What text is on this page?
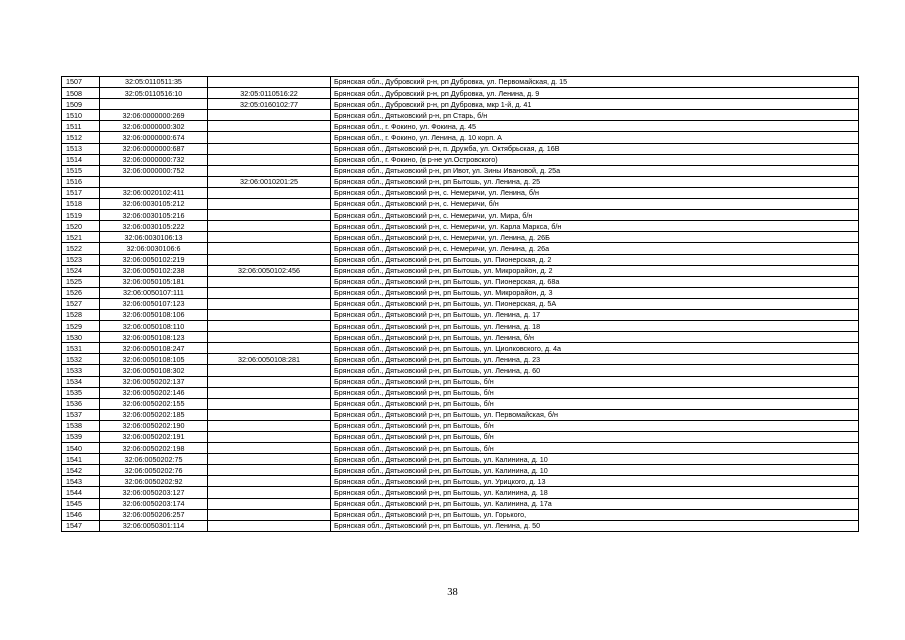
1507	32:05:0110511:35		Брянская обл., Дубровский р-н, рп Дубровка, ул. Первомайская, д. 15
1508	32:05:0110516:10	32:05:0110516:22	Брянская обл., Дубровский р-н, рп Дубровка, ул. Ленина, д. 9
1509		32:05:0160102:77	Брянская обл., Дубровский р-н, рп Дубровка, мкр 1-й, д. 41
1510	32:06:0000000:269		Брянская обл., Дятьковский р-н, рп Старь, б/н
1511	32:06:0000000:302		Брянская обл., г. Фокино, ул. Фокина, д. 45
1512	32:06:0000000:674		Брянская обл., г. Фокино, ул. Ленина, д. 10 корп. А
1513	32:06:0000000:687		Брянская обл., Дятьковский р-н, п. Дружба, ул. Октябрьская, д. 16В
1514	32:06:0000000:732		Брянская обл., г. Фокино, (в р-не ул.Островского)
1515	32:06:0000000:752		Брянская обл., Дятьковский р-н, рп Ивот, ул. Зины Ивановой, д. 25а
1516		32:06:0010201:25	Брянская обл., Дятьковский р-н, рп Бытошь, ул. Ленина, д. 25
1517	32:06:0020102:411		Брянская обл., Дятьковский р-н, с. Немеричи, ул. Ленина, б/н
1518	32:06:0030105:212		Брянская обл., Дятьковский р-н, с. Немеричи, б/н
1519	32:06:0030105:216		Брянская обл., Дятьковский р-н, с. Немеричи, ул. Мира, б/н
1520	32:06:0030105:222		Брянская обл., Дятьковский р-н, с. Немеричи, ул. Карла Маркса, б/н
1521	32:06:0030106:13		Брянская обл., Дятьковский р-н, с. Немеричи, ул. Ленина, д. 26Б
1522	32:06:0030106:6		Брянская обл., Дятьковский р-н, с. Немеричи, ул. Ленина, д. 26а
1523	32:06:0050102:219		Брянская обл., Дятьковский р-н, рп Бытошь, ул. Пионерская, д. 2
1524	32:06:0050102:238	32:06:0050102:456	Брянская обл., Дятьковский р-н, рп Бытошь, ул. Микрорайон, д. 2
1525	32:06:0050105:181		Брянская обл., Дятьковский р-н, рп Бытошь, ул. Пионерская, д. 68а
1526	32:06:0050107:111		Брянская обл., Дятьковский р-н, рп Бытошь, ул. Микрорайон, д. 3
1527	32:06:0050107:123		Брянская обл., Дятьковский р-н, рп Бытошь, ул. Пионерская, д. 5А
1528	32:06:0050108:106		Брянская обл., Дятьковский р-н, рп Бытошь, ул. Ленина, д. 17
1529	32:06:0050108:110		Брянская обл., Дятьковский р-н, рп Бытошь, ул. Ленина, д. 18
1530	32:06:0050108:123		Брянская обл., Дятьковский р-н, рп Бытошь, ул. Ленина, б/н
1531	32:06:0050108:247		Брянская обл., Дятьковский р-н, рп Бытошь, ул. Циолковского, д. 4а
1532	32:06:0050108:105	32:06:0050108:281	Брянская обл., Дятьковский р-н, рп Бытошь, ул. Ленина, д. 23
1533	32:06:0050108:302		Брянская обл., Дятьковский р-н, рп Бытошь, ул. Ленина, д. 60
1534	32:06:0050202:137		Брянская обл., Дятьковский р-н, рп Бытошь, б/н
1535	32:06:0050202:146		Брянская обл., Дятьковский р-н, рп Бытошь, б/н
1536	32:06:0050202:155		Брянская обл., Дятьковский р-н, рп Бытошь, б/н
1537	32:06:0050202:185		Брянская обл., Дятьковский р-н, рп Бытошь, ул. Первомайская, б/н
1538	32:06:0050202:190		Брянская обл., Дятьковский р-н, рп Бытошь, б/н
1539	32:06:0050202:191		Брянская обл., Дятьковский р-н, рп Бытошь, б/н
1540	32:06:0050202:198		Брянская обл., Дятьковский р-н, рп Бытошь, б/н
1541	32:06:0050202:75		Брянская обл., Дятьковский р-н, рп Бытошь, ул. Калинина, д. 10
1542	32:06:0050202:76		Брянская обл., Дятьковский р-н, рп Бытошь, ул. Калинина, д. 10
1543	32:06:0050202:92		Брянская обл., Дятьковский р-н, рп Бытошь, ул. Урицкого, д. 13
1544	32:06:0050203:127		Брянская обл., Дятьковский р-н, рп Бытошь, ул. Калинина, д. 18
1545	32:06:0050203:174		Брянская обл., Дятьковский р-н, рп Бытошь, ул. Калинина, д. 17а
1546	32:06:0050206:257		Брянская обл., Дятьковский р-н, рп Бытошь, ул. Горького,
1547	32:06:0050301:114		Брянская обл., Дятьковский р-н, рп Бытошь, ул. Ленина, д. 50
38
